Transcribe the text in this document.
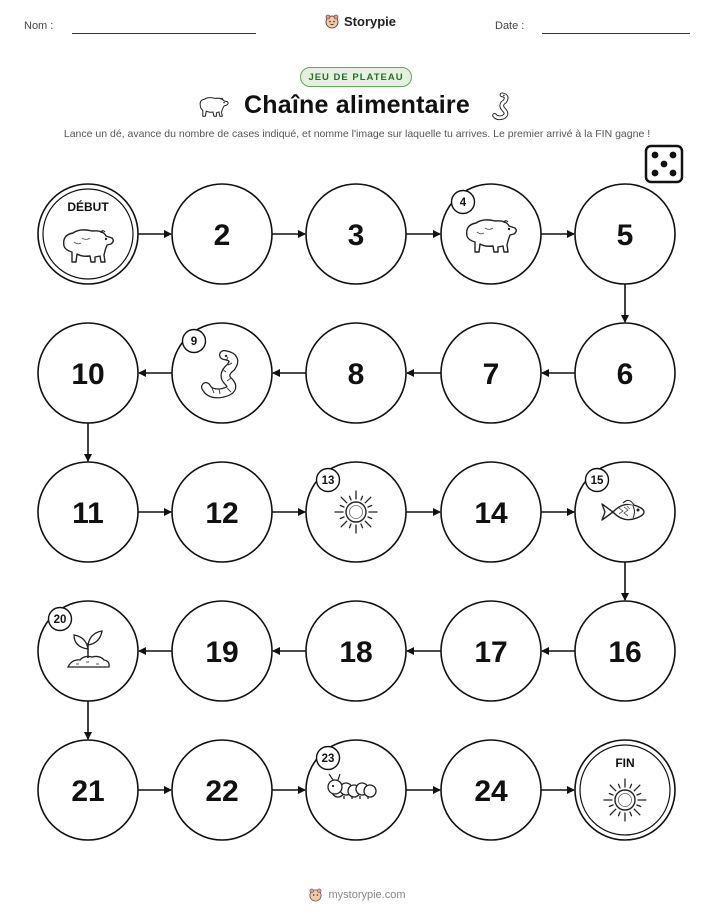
Nom :	Storypie	Date :
JEU DE PLATEAU
Chaîne alimentaire
Lance un dé, avance du nombre de cases indiqué, et nomme l'image sur laquelle tu arrives. Le premier arrivé à la FIN gagne !
DÉBUT
2	3
4
5
6
7
8
9
10
11	12
13
14
15
16
17
18
19
20
21	22
23
24
FIN
mystorypie.com
